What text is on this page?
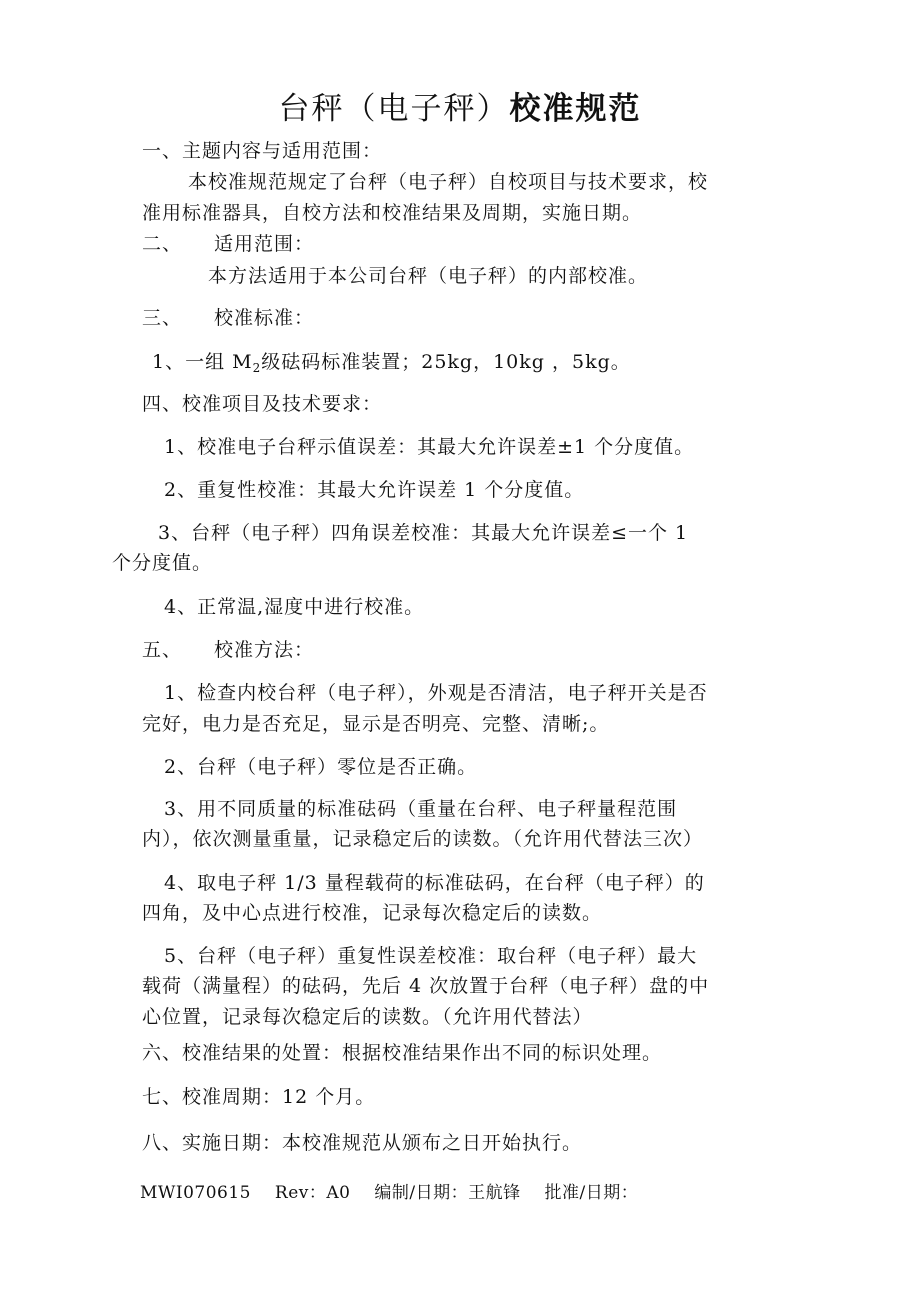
台秤（电子秤）校准规范
一、主题内容与适用范围：
本校准规范规定了台秤（电子秤）自校项目与技术要求，校
准用标准器具，自校方法和校准结果及周期，实施日期。
二、 适用范围：
本方法适用于本公司台秤（电子秤）的内部校准。
三、 校准标准：
1、一组 $M_2$级砝码标准装置；25kg，10kg ，5kg。
四、校准项目及技术要求：
1、校准电子台秤示值误差：其最大允许误差±1 个分度值。
2、重复性校准：其最大允许误差 1 个分度值。
3、台秤（电子秤）四角误差校准：其最大允许误差≤一个 1
个分度值。
4、正常温,湿度中进行校准。
五、 校准方法：
1、检查内校台秤（电子秤），外观是否清洁，电子秤开关是否
完好，电力是否充足，显示是否明亮、完整、清晰;。
2、台秤（电子秤）零位是否正确。
3、用不同质量的标准砝码（重量在台秤、电子秤量程范围
内），依次测量重量，记录稳定后的读数。（允许用代替法三次）
4、取电子秤 1/3 量程载荷的标准砝码，在台秤（电子秤）的
四角，及中心点进行校准，记录每次稳定后的读数。
5、台秤（电子秤）重复性误差校准：取台秤（电子秤）最大
载荷（满量程）的砝码，先后 4 次放置于台秤（电子秤）盘的中
心位置，记录每次稳定后的读数。（允许用代替法）
六、校准结果的处置：根据校准结果作出不同的标识处理。
七、校准周期：12 个月。
八、实施日期：本校准规范从颁布之日开始执行。
MWI070615 Rev：A0 编制/日期：王航锋 批准/日期：
